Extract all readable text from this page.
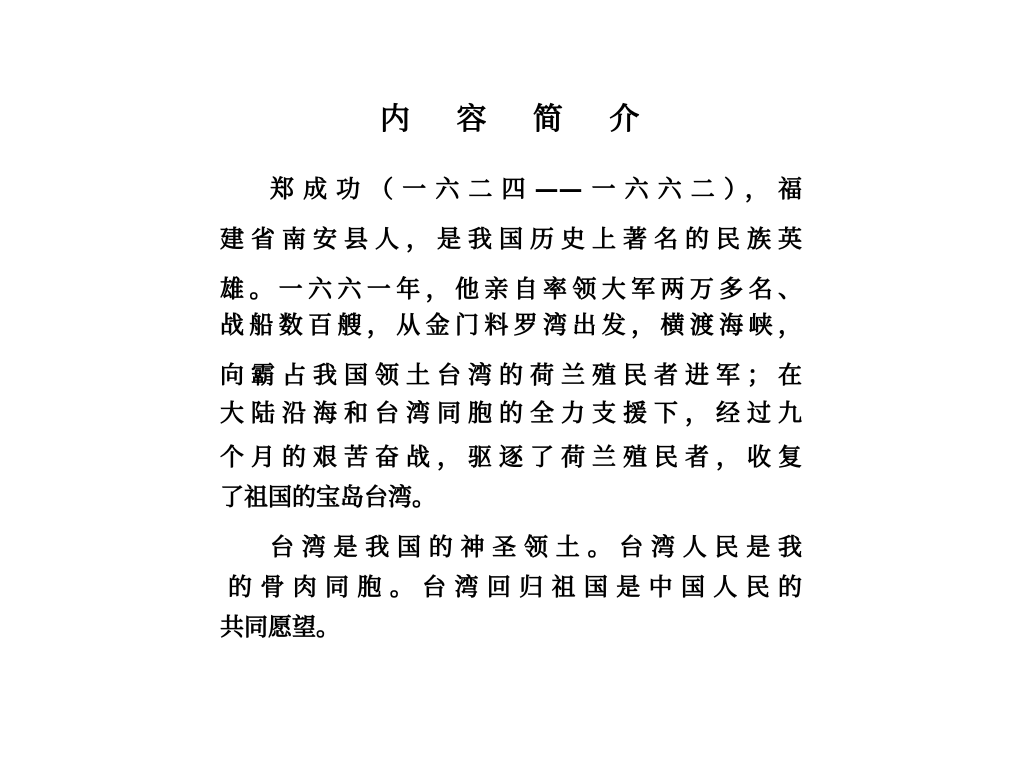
内 容 简 介
郑成功（一六二四——一六六二），福
建省南安县人，是我国历史上著名的民族英
雄。一六六一年，他亲自率领大军两万多名、
战船数百艘，从金门料罗湾出发，横渡海峡，
向霸占我国领土台湾的荷兰殖民者进军；在
大陆沿海和台湾同胞的全力支援下，经过九
个月的艰苦奋战，驱逐了荷兰殖民者，收复
了祖国的宝岛台湾。
台湾是我国的神圣领土。台湾人民是我
的骨肉同胞。台湾回归祖国是中国人民的
共同愿望。
